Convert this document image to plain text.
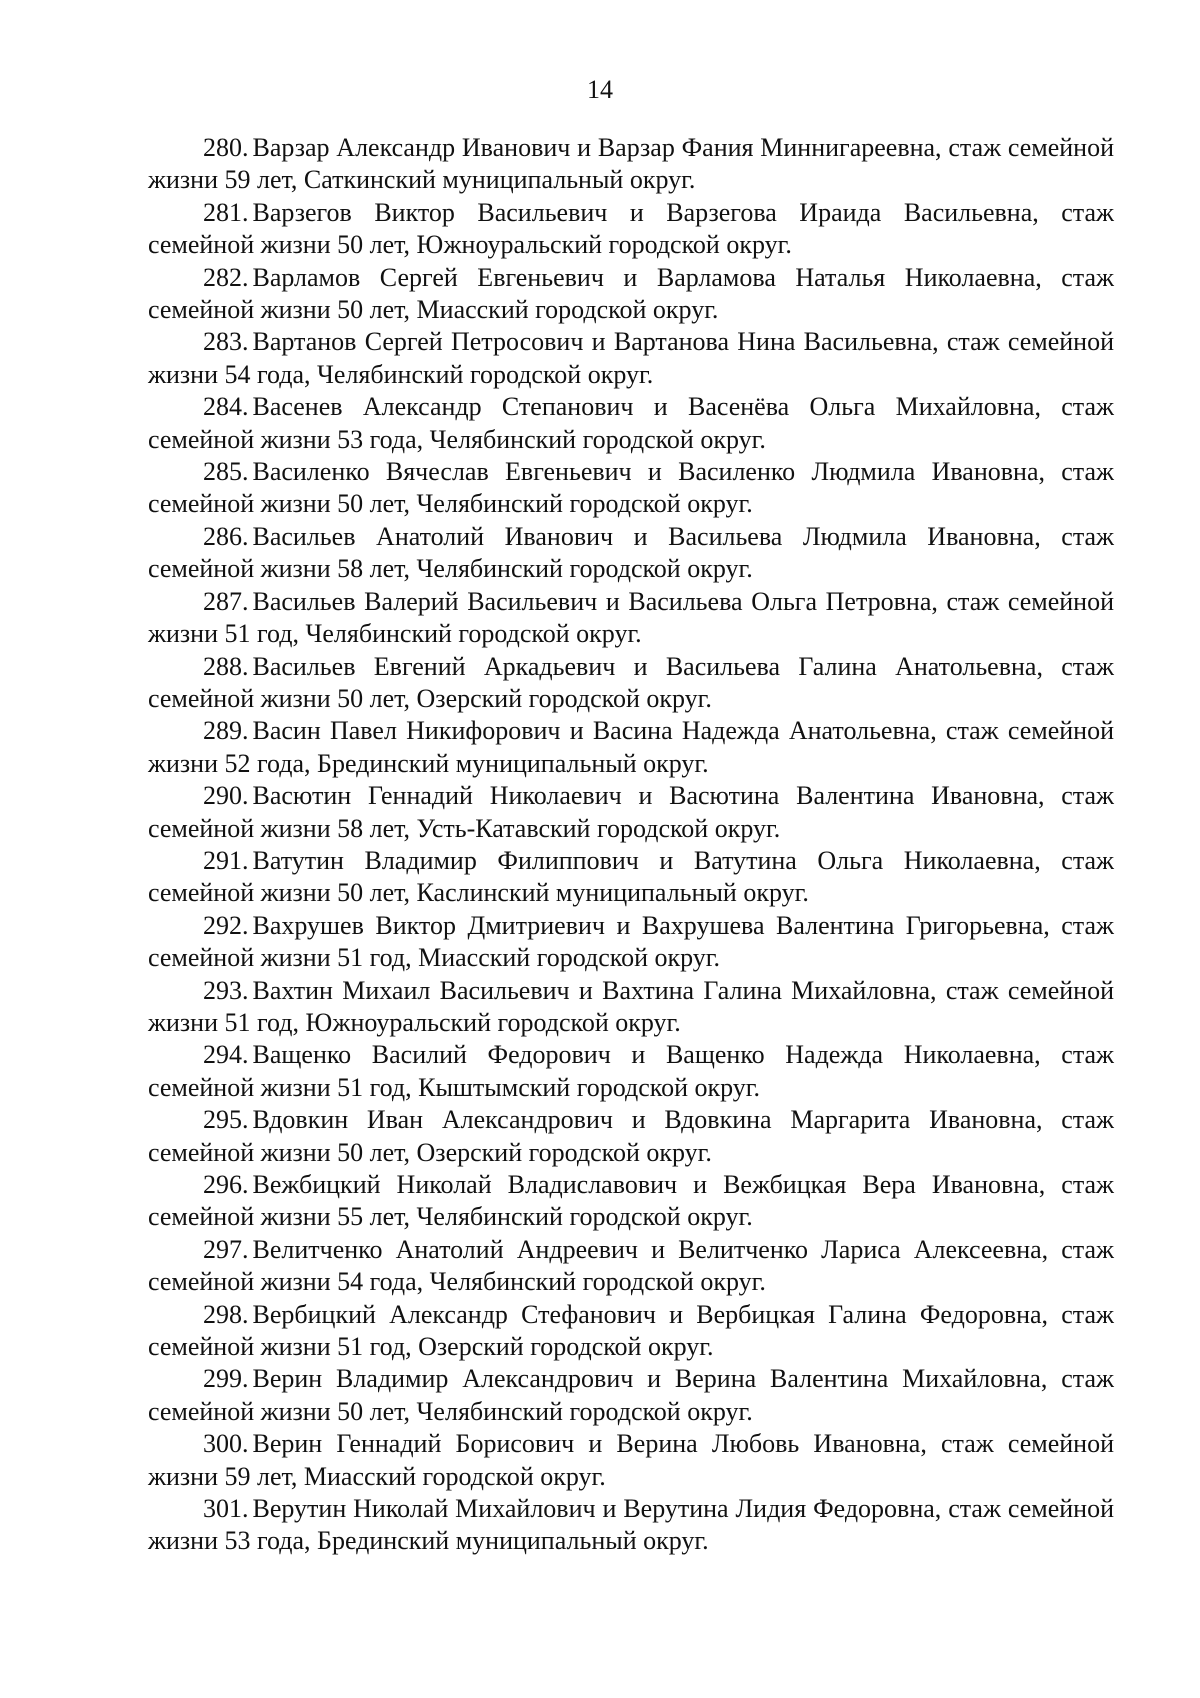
14
280. Варзар Александр Иванович и Варзар Фания Миннигареевна, стаж семейной жизни 59 лет, Саткинский муниципальный округ.
281. Варзегов Виктор Васильевич и Варзегова Ираида Васильевна, стаж семейной жизни 50 лет, Южноуральский городской округ.
282. Варламов Сергей Евгеньевич и Варламова Наталья Николаевна, стаж семейной жизни 50 лет, Миасский городской округ.
283. Вартанов Сергей Петросович и Вартанова Нина Васильевна, стаж семейной жизни 54 года, Челябинский городской округ.
284. Васенев Александр Степанович и Васенёва Ольга Михайловна, стаж семейной жизни 53 года, Челябинский городской округ.
285. Василенко Вячеслав Евгеньевич и Василенко Людмила Ивановна, стаж семейной жизни 50 лет, Челябинский городской округ.
286. Васильев Анатолий Иванович и Васильева Людмила Ивановна, стаж семейной жизни 58 лет, Челябинский городской округ.
287. Васильев Валерий Васильевич и Васильева Ольга Петровна, стаж семейной жизни 51 год, Челябинский городской округ.
288. Васильев Евгений Аркадьевич и Васильева Галина Анатольевна, стаж семейной жизни 50 лет, Озерский городской округ.
289. Васин Павел Никифорович и Васина Надежда Анатольевна, стаж семейной жизни 52 года, Брединский муниципальный округ.
290. Васютин Геннадий Николаевич и Васютина Валентина Ивановна, стаж семейной жизни 58 лет, Усть-Катавский городской округ.
291. Ватутин Владимир Филиппович и Ватутина Ольга Николаевна, стаж семейной жизни 50 лет, Каслинский муниципальный округ.
292. Вахрушев Виктор Дмитриевич и Вахрушева Валентина Григорьевна, стаж семейной жизни 51 год, Миасский городской округ.
293. Вахтин Михаил Васильевич и Вахтина Галина Михайловна, стаж семейной жизни 51 год, Южноуральский городской округ.
294. Ващенко Василий Федорович и Ващенко Надежда Николаевна, стаж семейной жизни 51 год, Кыштымский городской округ.
295. Вдовкин Иван Александрович и Вдовкина Маргарита Ивановна, стаж семейной жизни 50 лет, Озерский городской округ.
296. Вежбицкий Николай Владиславович и Вежбицкая Вера Ивановна, стаж семейной жизни 55 лет, Челябинский городской округ.
297. Велитченко Анатолий Андреевич и Велитченко Лариса Алексеевна, стаж семейной жизни 54 года, Челябинский городской округ.
298. Вербицкий Александр Стефанович и Вербицкая Галина Федоровна, стаж семейной жизни 51 год, Озерский городской округ.
299. Верин Владимир Александрович и Верина Валентина Михайловна, стаж семейной жизни 50 лет, Челябинский городской округ.
300. Верин Геннадий Борисович и Верина Любовь Ивановна, стаж семейной жизни 59 лет, Миасский городской округ.
301. Верутин Николай Михайлович и Верутина Лидия Федоровна, стаж семейной жизни 53 года, Брединский муниципальный округ.
